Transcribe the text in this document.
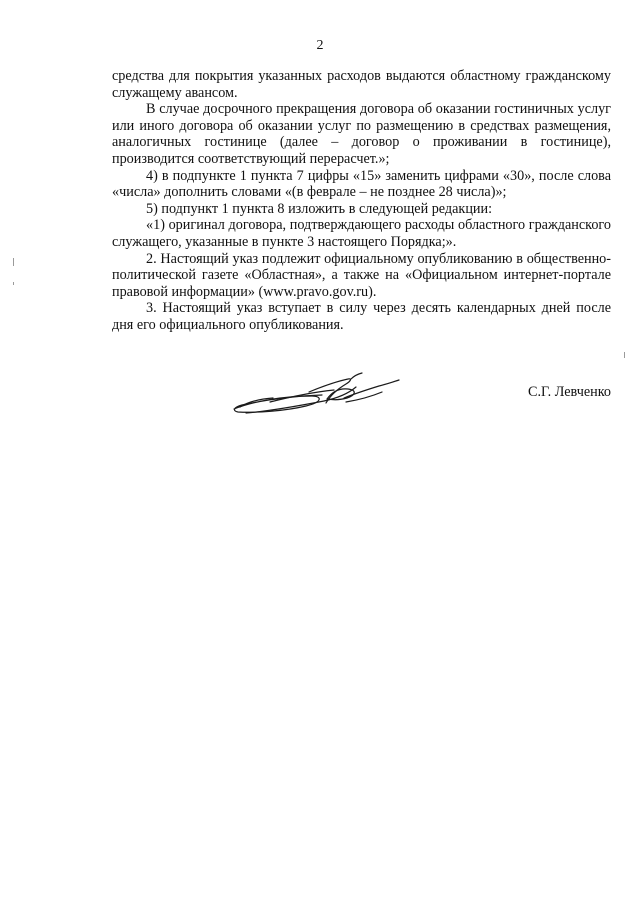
2

средства для покрытия указанных расходов выдаются областному гражданскому служащему авансом.

В случае досрочного прекращения договора об оказании гостиничных услуг или иного договора об оказании услуг по размещению в средствах размещения, аналогичных гостинице (далее – договор о проживании в гостинице), производится соответствующий перерасчет.»;

4) в подпункте 1 пункта 7 цифры «15» заменить цифрами «30», после слова «числа» дополнить словами «(в феврале – не позднее 28 числа)»;

5) подпункт 1 пункта 8 изложить в следующей редакции:

«1) оригинал договора, подтверждающего расходы областного гражданского служащего, указанные в пункте 3 настоящего Порядка;».

2. Настоящий указ подлежит официальному опубликованию в общественно-политической газете «Областная», а также на «Официальном интернет-портале правовой информации» (www.pravo.gov.ru).

3. Настоящий указ вступает в силу через десять календарных дней после дня его официального опубликования.

С.Г. Левченко
